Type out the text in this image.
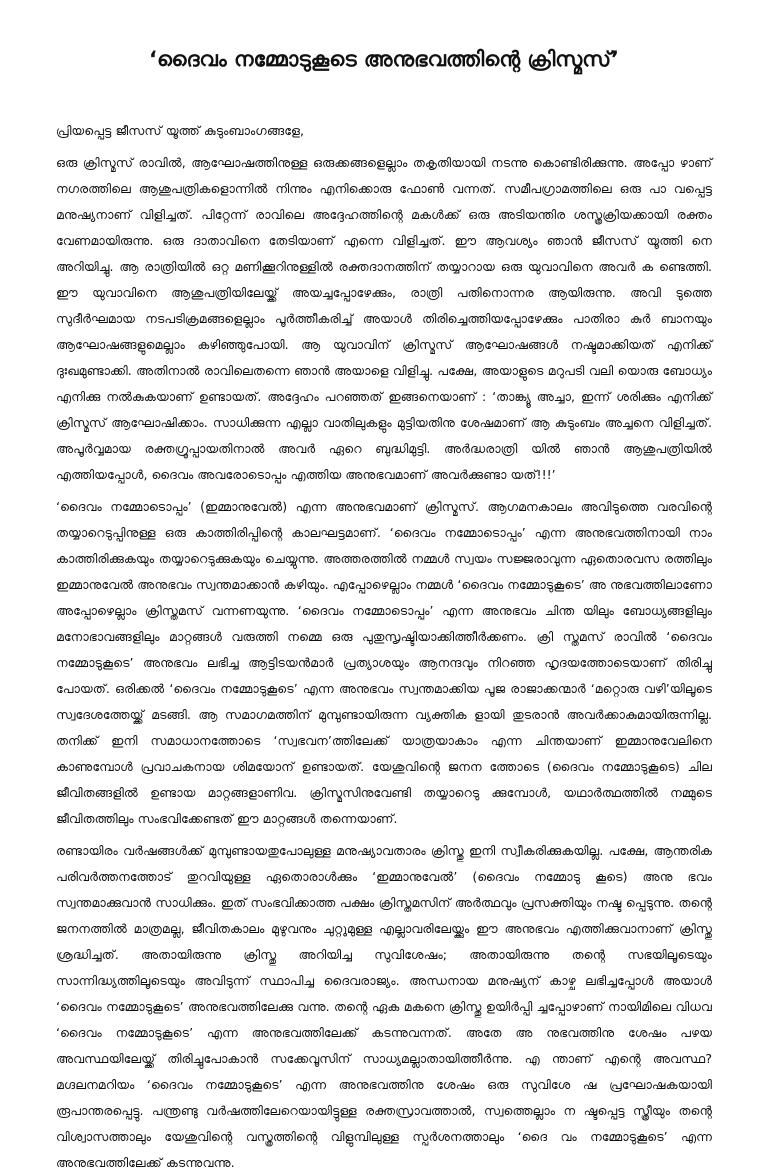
‘ദൈവം നമ്മോടുകൂടെ അനുഭവത്തിന്റെ ക്രിസ്മസ്’

പ്രിയപ്പെട്ട ജീസസ് യൂത്ത് കുടുംബാംഗങ്ങളേ,

ഒരു ക്രിസ്മസ് രാവിൽ, ആഘോഷത്തിനുള്ള ഒരുക്കങ്ങളെല്ലാം തകൃതിയായി നടന്നു കൊണ്ടിരിക്കുന്നു. അപ്പോ ഴാണ് നഗരത്തിലെ ആശുപത്രികളൊന്നിൽ നിന്നും എനിക്കൊരു ഫോൺ വന്നത്. സമീപഗ്രാമത്തിലെ ഒരു പാ വപ്പെട്ട മനുഷ്യനാണ് വിളിച്ചത്. പിറ്റേന്ന് രാവിലെ അദ്ദേഹത്തിന്റെ മകൾക്ക് ഒരു അടിയന്തിര ശസ്ത്രക്രിയക്കായി രക്തം വേണമായിരുന്നു. ഒരു ദാതാവിനെ തേടിയാണ് എന്നെ വിളിച്ചത്. ഈ ആവശ്യം ഞാൻ ജീസസ് യൂത്തി നെ അറിയിച്ചു. ആ രാത്രിയിൽ ഒറ്റ മണിക്കൂറിനുള്ളിൽ രക്തദാനത്തിന് തയ്യാറായ ഒരു യുവാവിനെ അവർ ക ണ്ടെത്തി. ഈ യുവാവിനെ ആശുപത്രിയിലേയ്ക്ക് അയച്ചപ്പോഴേക്കും, രാത്രി പതിനൊന്നര ആയിരുന്നു. അവി ടുത്തെ സുദീർഘമായ നടപടിക്രമങ്ങളെല്ലാം പൂർത്തീകരിച്ച് അയാൾ തിരിച്ചെത്തിയപ്പോഴേക്കും പാതിരാ കുർ ബാനയും ആഘോഷങ്ങളുമെല്ലാം കഴിഞ്ഞുപോയി. ആ യുവാവിന് ക്രിസ്മസ് ആഘോഷങ്ങൾ നഷ്ടമാക്കിയത് എനിക്ക് ദുഃഖമുണ്ടാക്കി. അതിനാൽ രാവിലെതന്നെ ഞാൻ അയാളെ വിളിച്ചു. പക്ഷേ, അയാളുടെ മറുപടി വലി യൊരു ബോധ്യം എനിക്കു നൽകുകയാണ് ഉണ്ടായത്. അദ്ദേഹം പറഞ്ഞത് ഇങ്ങനെയാണ് : ‘താങ്ക്യൂ അച്ചാ, ഇന്ന് ശരിക്കും എനിക്ക് ക്രിസ്മസ് ആഘോഷിക്കാം. സാധിക്കുന്ന എല്ലാ വാതിലുകളും മുട്ടിയതിനു ശേഷമാണ് ആ കുടുംബം അച്ചനെ വിളിച്ചത്. അപൂർവ്വമായ രക്തഗ്രൂപ്പായതിനാൽ അവർ ഏറെ ബുദ്ധിമുട്ടി. അർദ്ധരാത്രി യിൽ ഞാൻ ആശുപത്രിയിൽ എത്തിയപ്പോൾ, ദൈവം അവരോടൊപ്പം എത്തിയ അനുഭവമാണ് അവർക്കുണ്ടാ യത്!!!’

‘ദൈവം നമ്മോടൊപ്പം’ (ഇമ്മാനുവേൽ) എന്ന അനുഭവമാണ് ക്രിസ്മസ്. ആഗമനകാലം അവിടുത്തെ വരവിന്റെ തയ്യാറെടുപ്പിനുള്ള ഒരു കാത്തിരിപ്പിന്റെ കാലഘട്ടമാണ്. ‘ദൈവം നമ്മോടൊപ്പം’ എന്ന അനുഭവത്തിനായി നാം കാത്തിരിക്കുകയും തയ്യാറെടുക്കുകയും ചെയ്യുന്നു. അത്തരത്തിൽ നമ്മൾ സ്വയം സജ്ജരാവുന്ന ഏതൊരവസ രത്തിലും ഇമ്മാനുവേൽ അനുഭവം സ്വന്തമാക്കാൻ കഴിയും. എപ്പോഴെല്ലാം നമ്മൾ ‘ദൈവം നമ്മോടുകൂടെ’ അ നുഭവത്തിലാണോ അപ്പോഴെല്ലാം ക്രിസ്തമസ് വന്നണയുന്നു. ‘ദൈവം നമ്മോടൊപ്പം’ എന്ന അനുഭവം ചിന്ത യിലും ബോധ്യങ്ങളിലും മനോഭാവങ്ങളിലും മാറ്റങ്ങൾ വരുത്തി നമ്മെ ഒരു പുതുസൃഷ്ടിയാക്കിത്തീർക്കണം. ക്രി സ്തമസ് രാവിൽ ‘ദൈവം നമ്മോടുകൂടെ’ അനുഭവം ലഭിച്ച ആട്ടിടയൻമാർ പ്രത്യാശയും ആനന്ദവും നിറഞ്ഞ ഹൃദയത്തോടെയാണ് തിരിച്ചു പോയത്. ഒരിക്കൽ ‘ദൈവം നമ്മോടുകൂടെ’ എന്ന അനുഭവം സ്വന്തമാക്കിയ പൂജ രാജാക്കന്മാർ ‘മറ്റൊരു വഴി’യിലൂടെ സ്വദേശത്തേയ്ക്ക് മടങ്ങി. ആ സമാഗമത്തിന് മുമ്പുണ്ടായിരുന്ന വ്യക്തിക ളായി തുടരാൻ അവർക്കാകുമായിരുന്നില്ല. തനിക്ക് ഇനി സമാധാനത്തോടെ ‘സ്വഭവന’ത്തിലേക്ക് യാത്രയാകാം എന്ന ചിന്തയാണ് ഇമ്മാനുവേലിനെ കാണുമ്പോൾ പ്രവാചകനായ ശിമയോന് ഉണ്ടായത്. യേശുവിന്റെ ജനന ത്തോടെ (ദൈവം നമ്മോടുകൂടെ) ചില ജീവിതങ്ങളിൽ ഉണ്ടായ മാറ്റങ്ങളാണിവ. ക്രിസ്മസിനുവേണ്ടി തയ്യാറെടു ക്കുമ്പോൾ, യഥാർത്ഥത്തിൽ നമ്മുടെ ജീവിതത്തിലും സംഭവിക്കേണ്ടത് ഈ മാറ്റങ്ങൾ തന്നെയാണ്.

രണ്ടായിരം വർഷങ്ങൾക്ക് മുമ്പുണ്ടായതുപോലുള്ള മനുഷ്യാവതാരം ക്രിസ്തു ഇനി സ്വീകരിക്കുകയില്ല. പക്ഷേ, ആന്തരിക പരിവർത്തനത്തോട് തുറവിയുള്ള ഏതൊരാൾക്കും ‘ഇമ്മാനുവേൽ’ (ദൈവം നമ്മോടു കൂടെ) അനു ഭവം സ്വന്തമാക്കുവാൻ സാധിക്കും. ഇത് സംഭവിക്കാത്ത പക്ഷം ക്രിസ്തമസിന് അർത്ഥവും പ്രസക്തിയും നഷ്ട പ്പെടുന്നു. തന്റെ ജനനത്തിൽ മാത്രമല്ല, ജീവിതകാലം മുഴുവനും ചുറ്റുമുള്ള എല്ലാവരിലേയ്ക്കും ഈ അനുഭവം എത്തിക്കുവാനാണ് ക്രിസ്തു ശ്രദ്ധിച്ചത്. അതായിരുന്നു ക്രിസ്തു അറിയിച്ച സുവിശേഷം; അതായിരുന്നു തന്റെ സഭയിലൂടെയും സാന്നിദ്ധ്യത്തിലൂടെയും അവിടുന്ന് സ്ഥാപിച്ച ദൈവരാജ്യം. അന്ധനായ മനുഷ്യന് കാഴ്ച ലഭിച്ചപ്പോൾ അയാൾ ‘ദൈവം നമ്മോടുകൂടെ’ അനുഭവത്തിലേക്കു വന്നു. തന്റെ ഏക മകനെ ക്രിസ്തു ഉയിർപ്പി ച്ചപ്പോഴാണ് നായിമിലെ വിധവ ‘ദൈവം നമ്മോടുകൂടെ’ എന്ന അനുഭവത്തിലേക്ക് കടന്നുവന്നത്. അതേ അ നുഭവത്തിനു ശേഷം പഴയ അവസ്ഥയിലേയ്ക്ക് തിരിച്ചുപോകാൻ സക്കേവൂസിന് സാധ്യമല്ലാതായിത്തീർന്നു. എ ന്താണ് എന്റെ അവസ്ഥ? മഗ്ദലനമറിയം ‘ദൈവം നമ്മോടുകൂടെ’ എന്ന അനുഭവത്തിനു ശേഷം ഒരു സുവിശേ ഷ പ്രഘോഷകയായി രൂപാന്തരപ്പെട്ടു. പന്ത്രണ്ടു വർഷത്തിലേറെയായിട്ടുള്ള രക്തസ്രാവത്താൽ, സ്വത്തെല്ലാം ന ഷ്ടപ്പെട്ട സ്ത്രീയും തന്റെ വിശ്വാസത്താലും യേശുവിന്റെ വസ്ത്രത്തിന്റെ വിളുമ്പിലുള്ള സ്പർശനത്താലും ‘ദൈ വം നമ്മോടുകൂടെ’ എന്ന അനുഭവത്തിലേക്ക് കടന്നുവന്നു.
